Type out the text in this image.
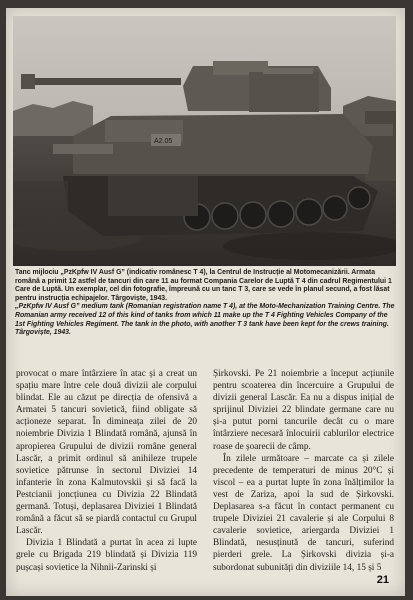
A2.05

Tanc mijlociu „PzKpfw IV Ausf G” (indicativ românesc T 4), la Centrul de Instrucție al Motomecanizării. Armata română a primit 12 astfel de tancuri din care 11 au format Compania Carelor de Luptă T 4 din cadrul Regimentului 1 Care de Luptă. Un exemplar, cel din fotografie, împreună cu un tanc T 3, care se vede în planul secund, a fost lăsat pentru instrucția echipajelor. Târgoviște, 1943.

„PzKpfw IV Ausf G” medium tank (Romanian registration name T 4), at the Moto-Mechanization Training Centre. The Romanian army received 12 of this kind of tanks from which 11 make up the T 4 Fighting Vehicles Company of the 1st Fighting Vehicles Regiment. The tank in the photo, with another T 3 tank have been kept for the crews training. Târgoviște, 1943.

provocat o mare întârziere în atac și a creat un spațiu mare între cele două divizii ale corpului blindat. Ele au căzut pe direcția de ofensivă a Armatei 5 tancuri sovietică, fiind obligate să acționeze separat. În dimineața zilei de 20 noiembrie Divizia 1 Blindată română, ajunsă în apropierea Grupului de divizii române general Lascăr, a primit ordinul să anihileze trupele sovietice pătrunse în sectorul Diviziei 14 infanterie în zona Kalmutovskii și să facă la Pestcianii joncțiunea cu Divizia 22 Blindată germană. Totuși, deplasarea Diviziei 1 Blindată română a făcut să se piardă contactul cu Grupul Lascăr.

Divizia 1 Blindată a purtat în acea zi lupte grele cu Brigada 219 blindată și Divizia 119 pușcași sovietice la Nihnii-Zarinski și

Șirkovski. Pe 21 noiembrie a început acțiunile pentru scoaterea din încercuire a Grupului de divizii general Lascăr. Ea nu a dispus inițial de sprijinul Diviziei 22 blindate germane care nu și-a putut porni tancurile decât cu o mare întârziere necesară înlocuirii cablurilor electrice roase de șoarecii de câmp.

În zilele următoare – marcate ca și zilele precedente de temperaturi de minus 20°C și viscol – ea a purtat lupte în zona înălțimilor la vest de Zariza, apoi la sud de Șirkovski. Deplasarea s-a făcut în contact permanent cu trupele Diviziei 21 cavalerie și ale Corpului 8 cavalerie sovietice, ariergarda Diviziei 1 Blindată, nesusținută de tancuri, suferind pierderi grele. La Șirkovski divizia și-a subordonat subunități din diviziile 14, 15 și 5

21
